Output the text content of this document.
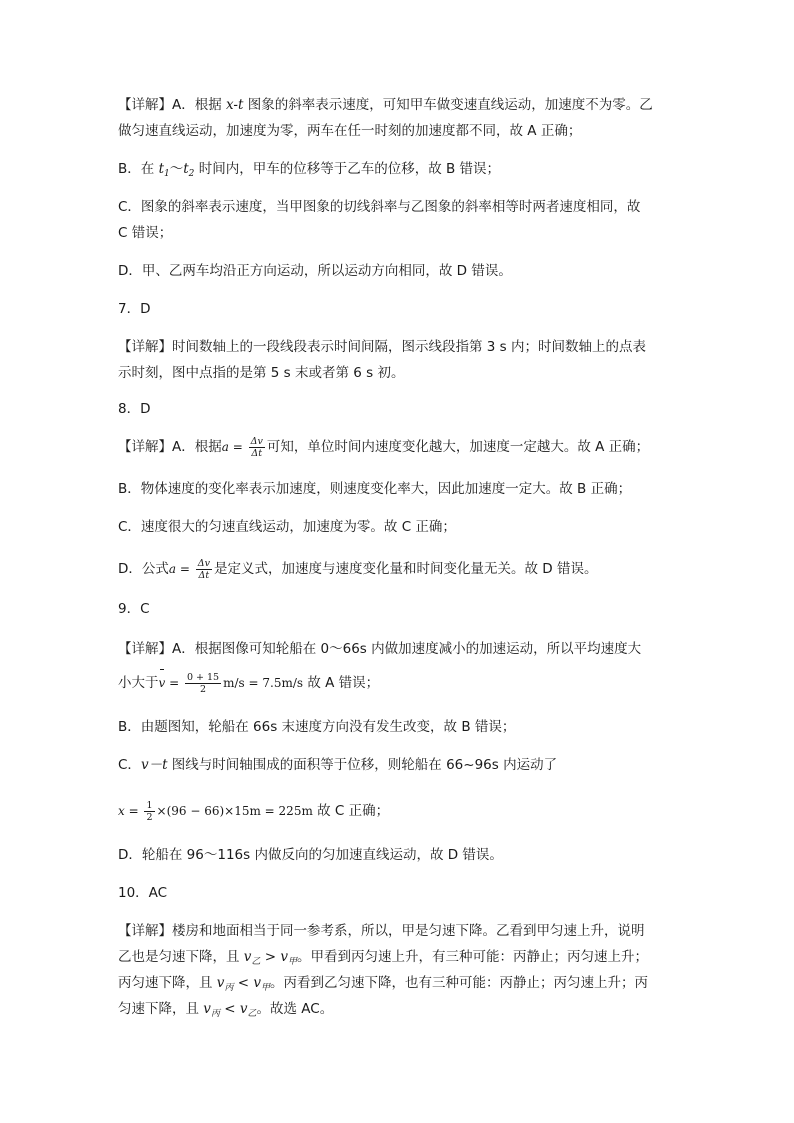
【详解】A．根据 x-t 图象的斜率表示速度，可知甲车做变速直线运动，加速度不为零。乙

做匀速直线运动，加速度为零，两车在任一时刻的加速度都不同，故 A 正确；

B．在 $t_1\sim t_2$ 时间内，甲车的位移等于乙车的位移，故 B 错误；

C．图象的斜率表示速度，当甲图象的切线斜率与乙图象的斜率相等时两者速度相同，故

C 错误；

D．甲、乙两车均沿正方向运动，所以运动方向相同，故 D 错误。

7．D

【详解】时间数轴上的一段线段表示时间间隔，图示线段指第 3 s 内；时间数轴上的点表

示时刻，图中点指的是第 5 s 末或者第 6 s 初。

8．D

【详解】A．根据$a = \frac{\Delta v}{\Delta t}$ 可知，单位时间内速度变化越大，加速度一定越大。故 A 正确；

B．物体速度的变化率表示加速度，则速度变化率大，因此加速度一定大。故 B 正确；

C．速度很大的匀速直线运动，加速度为零。故 C 正确；

D．公式$a = \frac{\Delta v}{\Delta t}$ 是定义式，加速度与速度变化量和时间变化量无关。故 D 错误。

9．C

【详解】A．根据图像可知轮船在 0～66s 内做加速度减小的加速运动，所以平均速度大

小大于$v = \frac{0 + 15}{2} m/s = 7.5m/s$ 故 A 错误；

B．由题图知，轮船在 66s 末速度方向没有发生改变，故 B 错误；

C．v－t 图线与时间轴围成的面积等于位移，则轮船在 66~96s 内运动了

$x = \frac{1}{2} \times(96 - 66)\times 15m = 225m$ 故 C 正确；

D．轮船在 96～116s 内做反向的匀加速直线运动，故 D 错误。

10．AC

【详解】楼房和地面相当于同一参考系，所以，甲是匀速下降。乙看到甲匀速上升，说明

乙也是匀速下降，且 $v_乙 > v_甲$。甲看到丙匀速上升，有三种可能：丙静止；丙匀速上升；

丙匀速下降，且 $v_丙 < v_甲$。丙看到乙匀速下降，也有三种可能：丙静止；丙匀速上升；丙

匀速下降，且 $v_丙 < v_乙$。故选 AC。
